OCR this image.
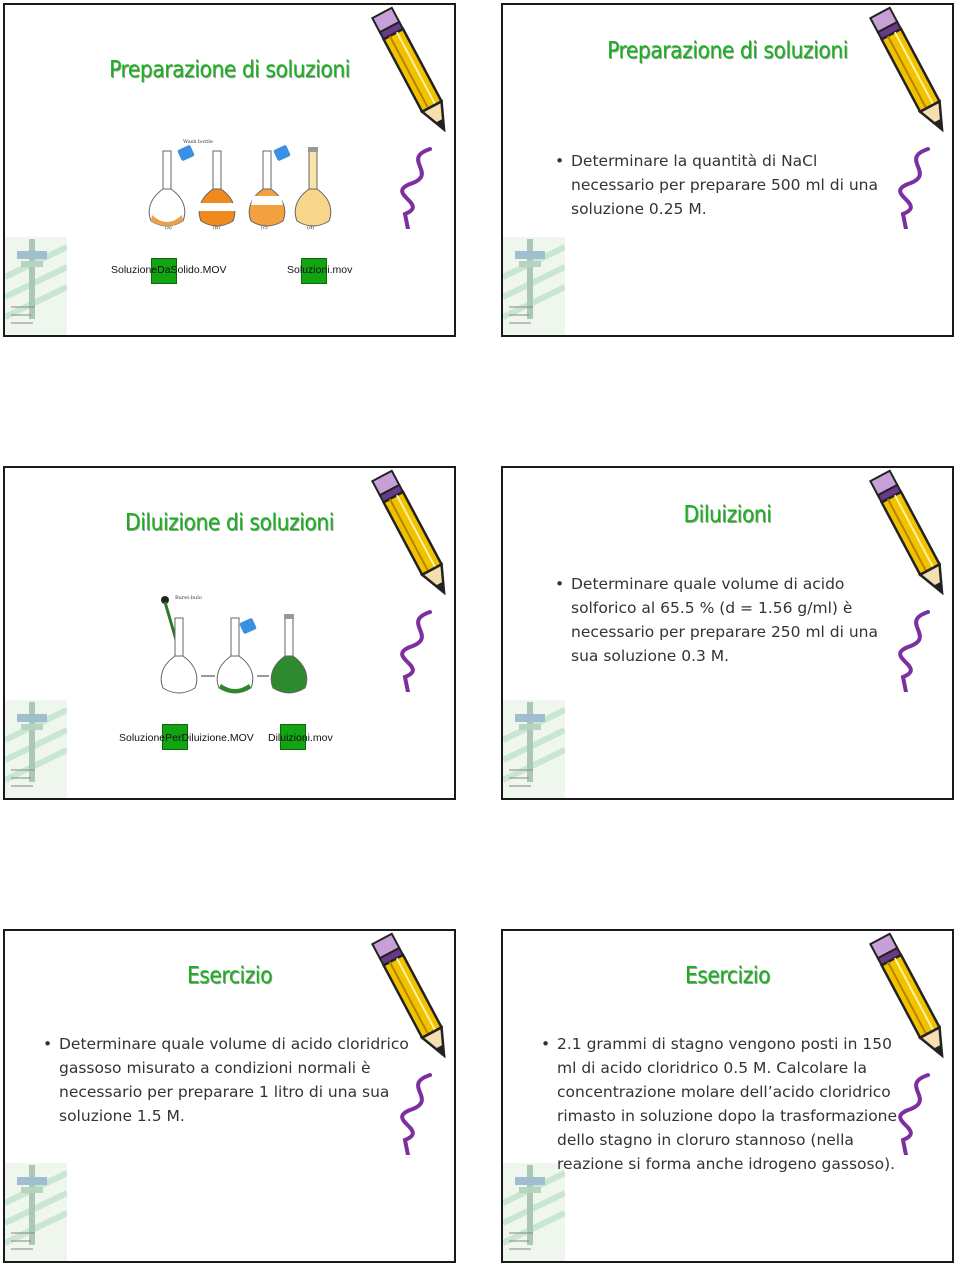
Preparazione di soluzioni
Wash bottle
(a)	(b)	(c)	(d)
SoluzioneDaSolido.MOV	Soluzioni.mov
Preparazione di soluzioni
• Determinare la quantità di NaCl necessario per preparare 500 ml di una soluzione 0.25 M.
Diluizione di soluzioni
Buret·bulo
SoluzionePerDiluizione.MOV Diluizioni.mov
Diluizioni
• Determinare quale volume di acido solforico al 65.5 % (d = 1.56 g/ml) è necessario per preparare 250 ml di una sua soluzione 0.3 M.
Esercizio
• Determinare quale volume di acido cloridrico gassoso misurato a condizioni normali è necessario per preparare 1 litro di una sua soluzione 1.5 M.
Esercizio
• 2.1 grammi di stagno vengono posti in 150 ml di acido cloridrico 0.5 M. Calcolare la concentrazione molare dell’acido cloridrico rimasto in soluzione dopo la trasformazione dello stagno in cloruro stannoso (nella reazione si forma anche idrogeno gassoso).
